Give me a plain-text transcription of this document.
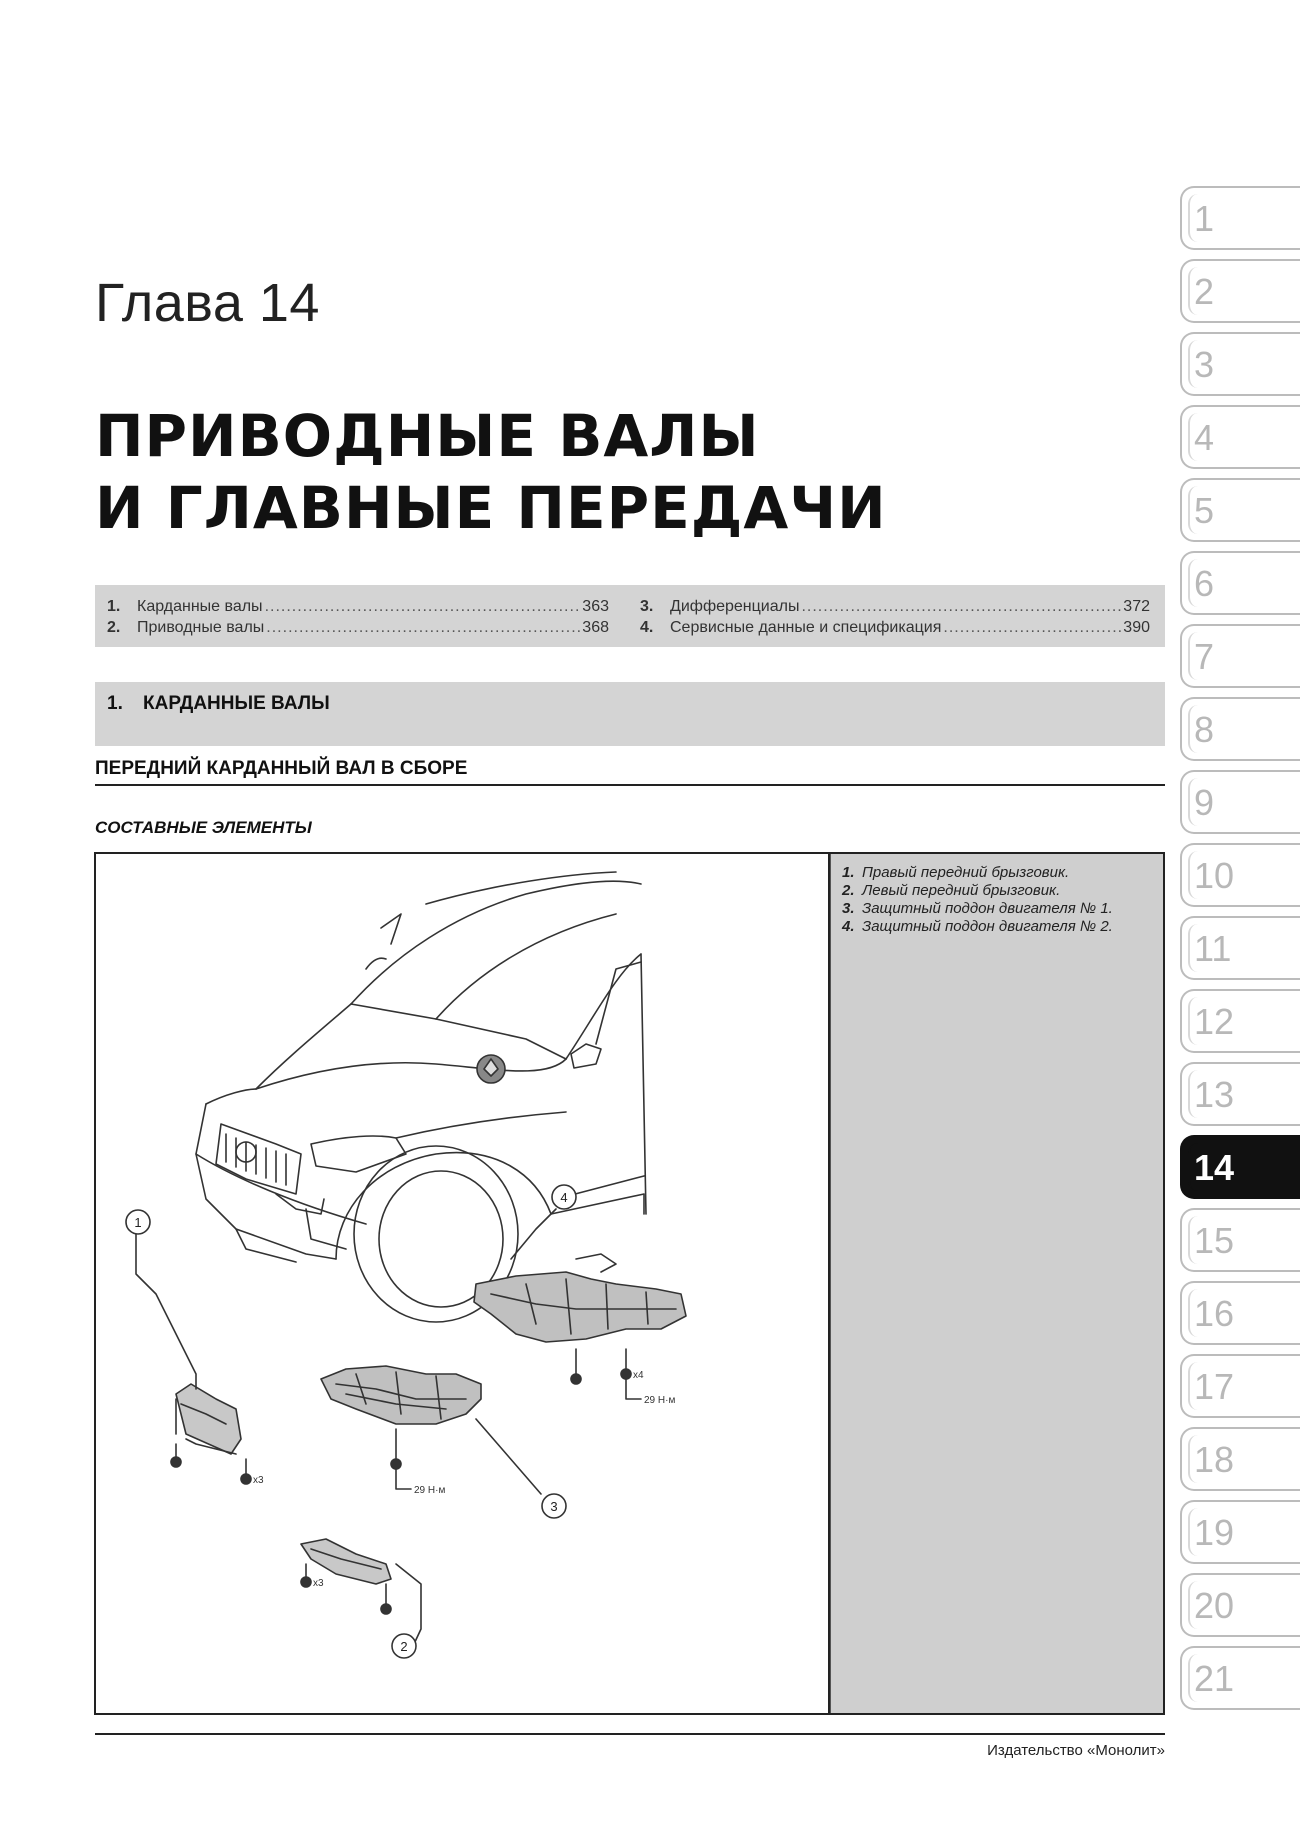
Глава 14
ПРИВОДНЫЕ ВАЛЫ
И ГЛАВНЫЕ ПЕРЕДАЧИ
1.	Карданные валы .....	363
2.	Приводные валы .....	368
3.	Дифференциалы .....	372
4.	Сервисные данные и спецификация .....	390
1. КАРДАННЫЕ ВАЛЫ
ПЕРЕДНИЙ КАРДАННЫЙ ВАЛ В СБОРЕ
СОСТАВНЫЕ ЭЛЕМЕНТЫ
1
2
3
4
x3
x3
x4
29 Н·м
29 Н·м
1. Правый передний брызговик.
2. Левый передний брызговик.
3. Защитный поддон двигателя № 1.
4. Защитный поддон двигателя № 2.
Издательство «Монолит»
1
2
3
4
5
6
7
8
9
10
11
12
13
14
15
16
17
18
19
20
21
